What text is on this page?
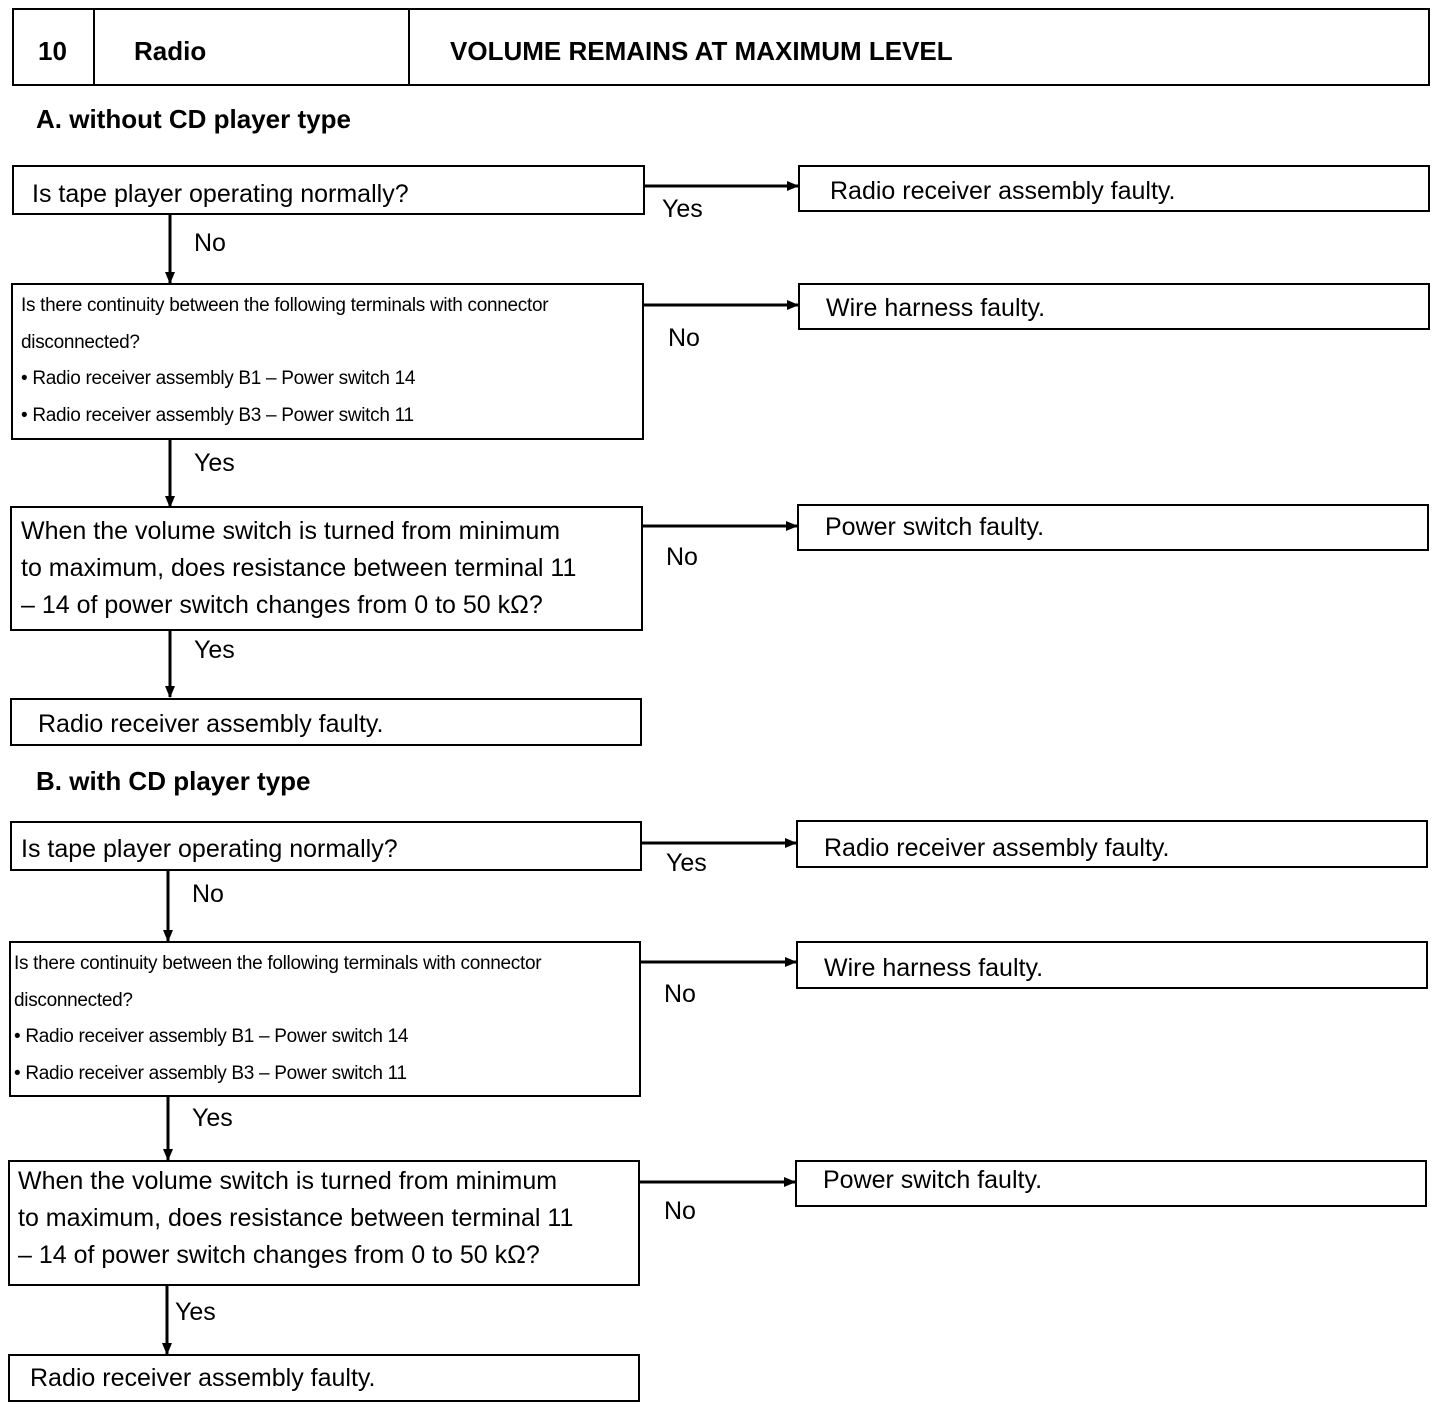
10	Radio	VOLUME REMAINS AT MAXIMUM LEVEL
A. without CD player type
Is tape player operating normally?
Yes
Radio receiver assembly faulty.
No
Is there continuity between the following terminals with connector
disconnected?
• Radio receiver assembly B1 – Power switch 14
• Radio receiver assembly B3 – Power switch 11
No
Wire harness faulty.
Yes
When the volume switch is turned from minimum
to maximum, does resistance between terminal 11
– 14 of power switch changes from 0 to 50 kΩ?
No
Power switch faulty.
Yes
Radio receiver assembly faulty.
B. with CD player type
Is tape player operating normally?	Yes
Radio receiver assembly faulty.
No
Is there continuity between the following terminals with connector
disconnected?
• Radio receiver assembly B1 – Power switch 14
• Radio receiver assembly B3 – Power switch 11
No
Wire harness faulty.
Yes
When the volume switch is turned from minimum
to maximum, does resistance between terminal 11
– 14 of power switch changes from 0 to 50 kΩ?
No
Power switch faulty.
Yes
Radio receiver assembly faulty.
